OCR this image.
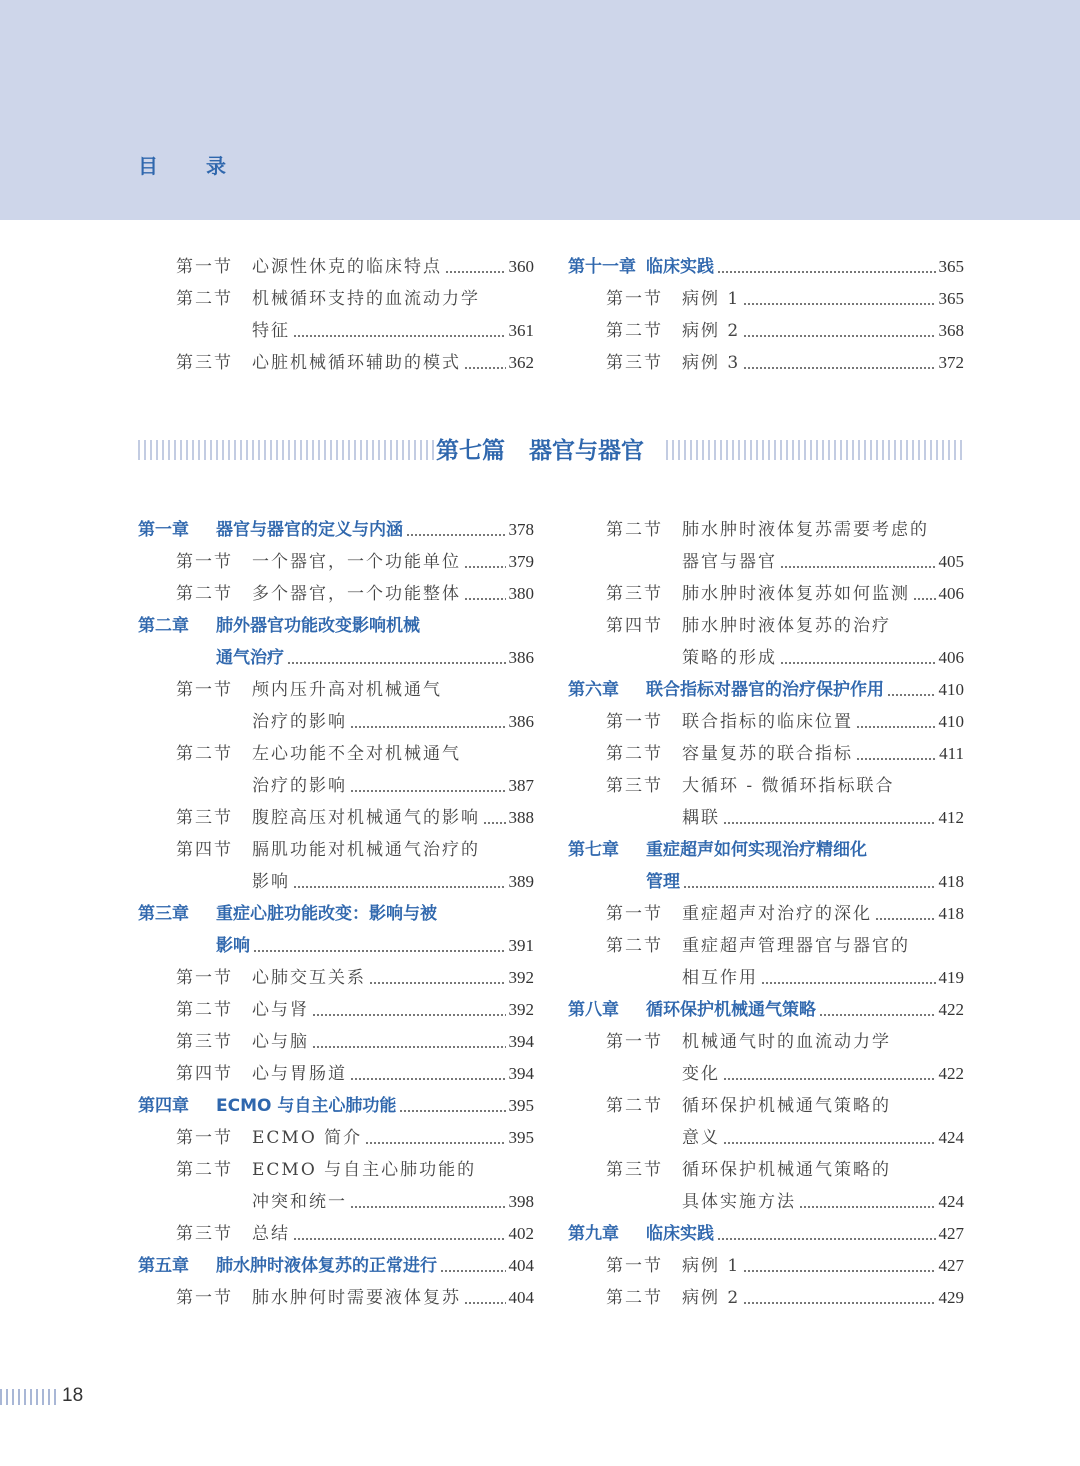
目 录
第一节 心源性休克的临床特点	360
第二节 机械循环支持的血流动力学
特征	361
第三节 心脏机械循环辅助的模式	362
第十一章 临床实践	365
第一节 病例 1	365
第二节 病例 2	368
第三节 病例 3	372
第七篇 器官与器官
第一章 器官与器官的定义与内涵	378
第一节 一个器官，一个功能单位	379
第二节 多个器官，一个功能整体	380
第二章 肺外器官功能改变影响机械
通气治疗	386
第一节 颅内压升高对机械通气
治疗的影响	386
第二节 左心功能不全对机械通气
治疗的影响	387
第三节 腹腔高压对机械通气的影响 388
第四节 膈肌功能对机械通气治疗的
影响	389
第三章 重症心脏功能改变：影响与被
影响	391
第一节 心肺交互关系	392
第二节 心与肾	392
第三节 心与脑	394
第四节 心与胃肠道	394
第四章 ECMO 与自主心肺功能	395
第一节 ECMO 简介	395
第二节 ECMO 与自主心肺功能的
冲突和统一	398
第三节 总结	402
第五章 肺水肿时液体复苏的正常进行	404
第一节 肺水肿何时需要液体复苏	404
第二节 肺水肿时液体复苏需要考虑的
器官与器官	405
第三节 肺水肿时液体复苏如何监测 406
第四节 肺水肿时液体复苏的治疗
策略的形成	406
第六章 联合指标对器官的治疗保护作用	410
第一节 联合指标的临床位置	410
第二节 容量复苏的联合指标	411
第三节 大循环 - 微循环指标联合
耦联	412
第七章 重症超声如何实现治疗精细化
管理	418
第一节 重症超声对治疗的深化	418
第二节 重症超声管理器官与器官的
相互作用	419
第八章 循环保护机械通气策略	422
第一节 机械通气时的血流动力学
变化	422
第二节 循环保护机械通气策略的
意义	424
第三节 循环保护机械通气策略的
具体实施方法	424
第九章 临床实践	427
第一节 病例 1	427
第二节 病例 2	429
18
